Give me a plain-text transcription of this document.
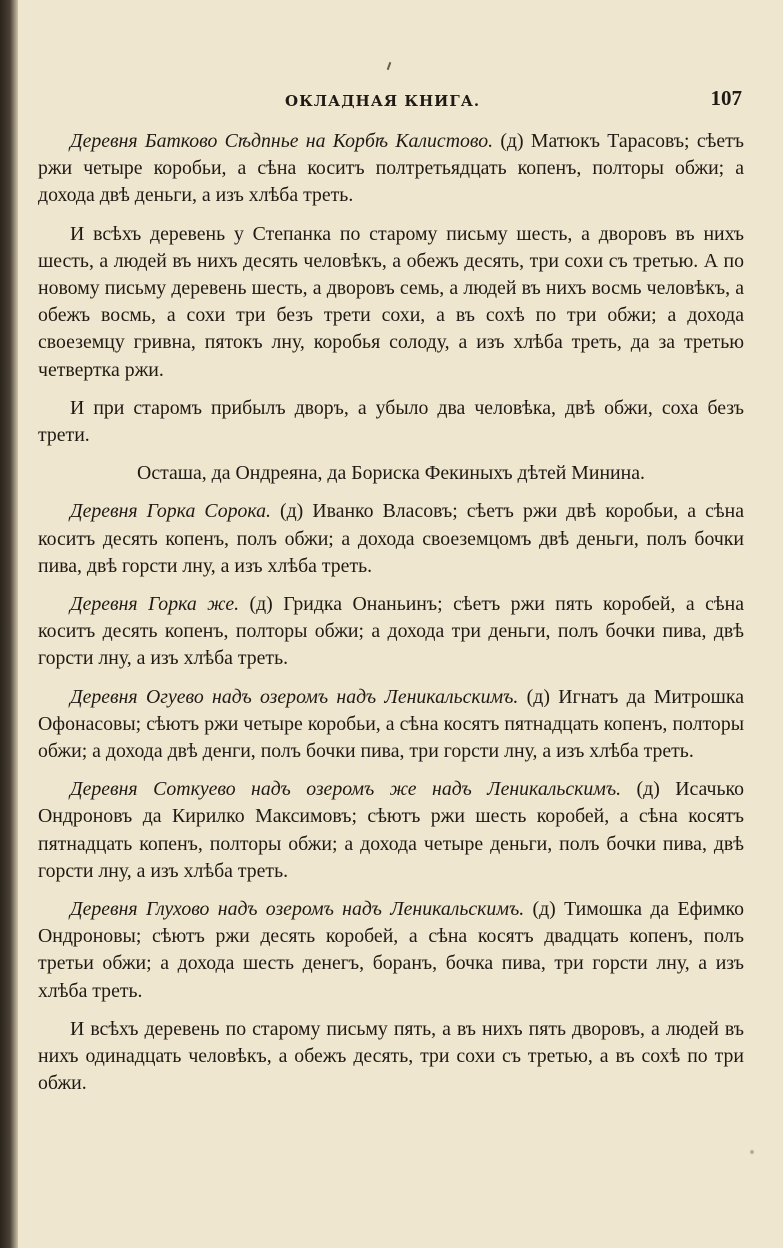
ОКЛАДНАЯ КНИГА.	107

Деревня Батково Сѣдпнье на Корбѣ Калистово. (д) Матюкъ Тарасовъ; сѣетъ ржи четыре коробьи, а сѣна коситъ полтретьядцать копенъ, полторы обжи; а дохода двѣ деньги, а изъ хлѣба треть.

И всѣхъ деревень у Степанка по старому письму шесть, а дворовъ въ нихъ шесть, а людей въ нихъ десять человѣкъ, а обежъ десять, три сохи съ третью. А по новому письму деревень шесть, а дворовъ семь, а людей въ нихъ восмь человѣкъ, а обежъ восмь, а сохи три безъ трети сохи, а въ сохѣ по три обжи; а дохода своеземцу гривна, пятокъ лну, коробья солоду, а изъ хлѣба треть, да за третью четвертка ржи.

И при старомъ прибылъ дворъ, а убыло два человѣка, двѣ обжи, соха безъ трети.

Осташа, да Ондреяна, да Бориска Фекиныхъ дѣтей Минина.

Деревня Горка Сорока. (д) Иванко Власовъ; сѣетъ ржи двѣ коробьи, а сѣна коситъ десять копенъ, полъ обжи; а дохода своеземцомъ двѣ деньги, полъ бочки пива, двѣ горсти лну, а изъ хлѣба треть.

Деревня Горка же. (д) Гридка Онаньинъ; сѣетъ ржи пять коробей, а сѣна коситъ десять копенъ, полторы обжи; а дохода три деньги, полъ бочки пива, двѣ горсти лну, а изъ хлѣба треть.

Деревня Огуево надъ озеромъ надъ Леникальскимъ. (д) Игнатъ да Митрошка Офонасовы; сѣютъ ржи четыре коробьи, а сѣна косятъ пятнадцать копенъ, полторы обжи; а дохода двѣ денги, полъ бочки пива, три горсти лну, а изъ хлѣба треть.

Деревня Соткуево надъ озеромъ же надъ Леникальскимъ. (д) Исачько Ондроновъ да Кирилко Максимовъ; сѣютъ ржи шесть коробей, а сѣна косятъ пятнадцать копенъ, полторы обжи; а дохода четыре деньги, полъ бочки пива, двѣ горсти лну, а изъ хлѣба треть.

Деревня Глухово надъ озеромъ надъ Леникальскимъ. (д) Тимошка да Ефимко Ондроновы; сѣютъ ржи десять коробей, а сѣна косятъ двадцать копенъ, полъ третьи обжи; а дохода шесть денегъ, боранъ, бочка пива, три горсти лну, а изъ хлѣба треть.

И всѣхъ деревень по старому письму пять, а въ нихъ пять дворовъ, а людей въ нихъ одинадцать человѣкъ, а обежъ десять, три сохи съ третью, а въ сохѣ по три обжи.
